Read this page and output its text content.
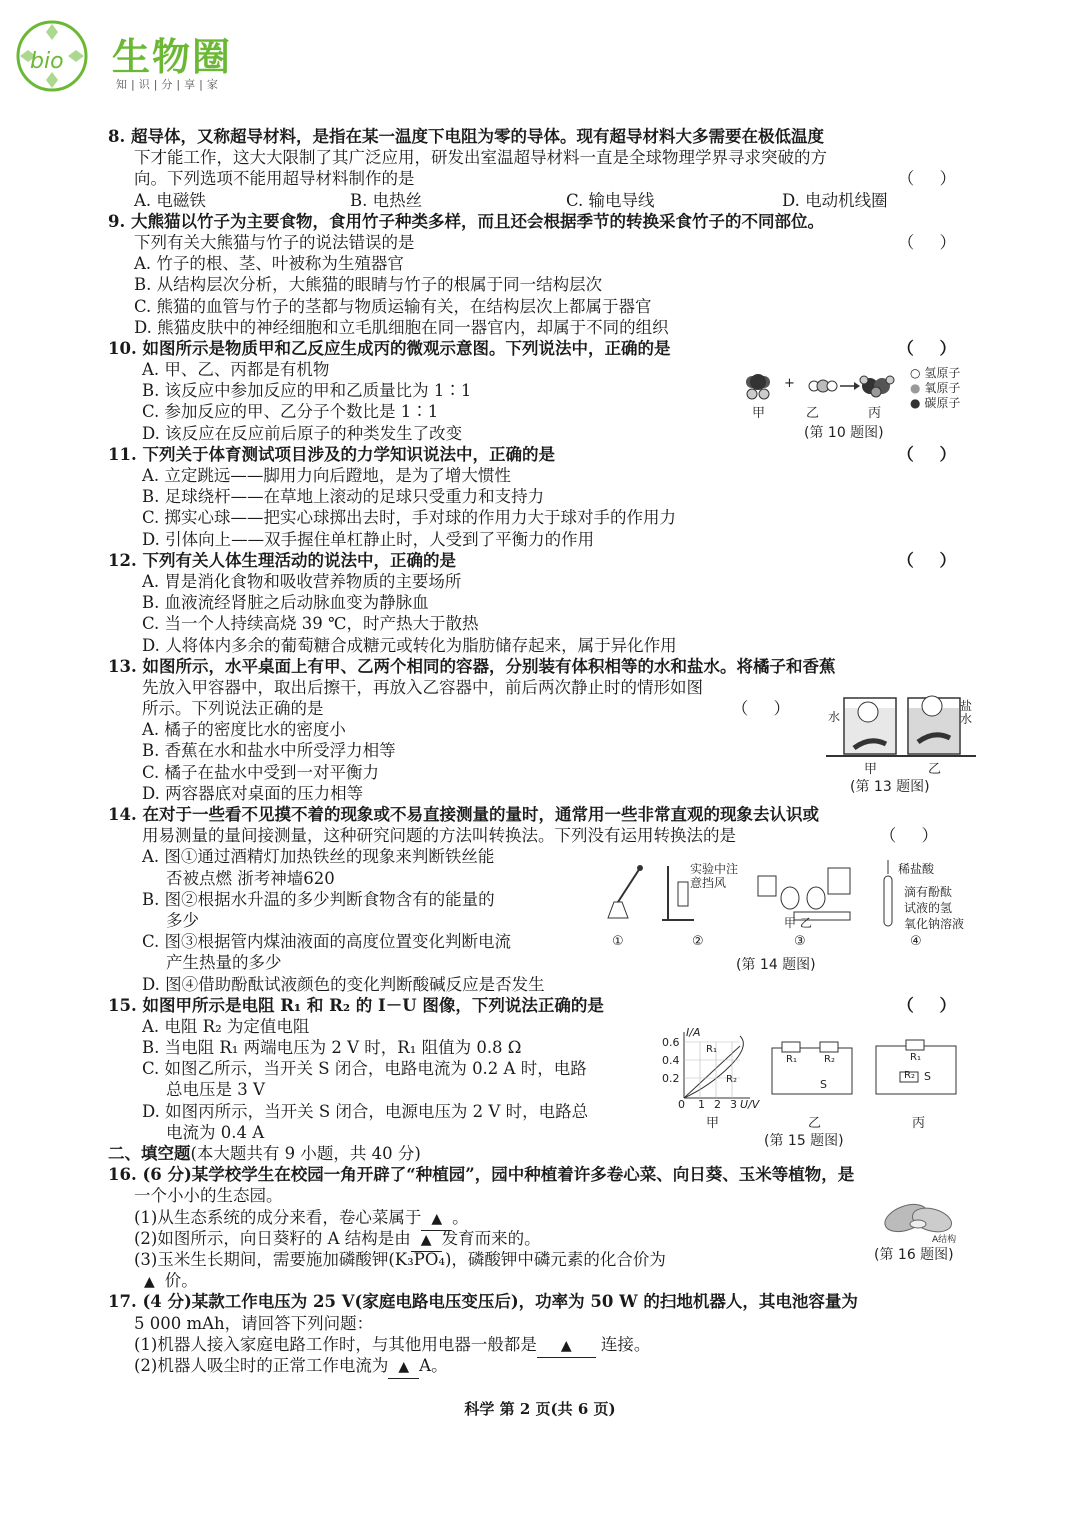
bio 生物圈
知|识|分|享|家
8. 超导体，又称超导材料，是指在某一温度下电阻为零的导体。现有超导材料大多需要在极低温度
下才能工作，这大大限制了其广泛应用，研发出室温超导材料一直是全球物理学界寻求突破的方
向。下列选项不能用超导材料制作的是	（ ）
A. 电磁铁	B. 电热丝	C. 输电导线	D. 电动机线圈
9. 大熊猫以竹子为主要食物，食用竹子种类多样，而且还会根据季节的转换采食竹子的不同部位。
下列有关大熊猫与竹子的说法错误的是	（ ）
A. 竹子的根、茎、叶被称为生殖器官
B. 从结构层次分析，大熊猫的眼睛与竹子的根属于同一结构层次
C. 熊猫的血管与竹子的茎都与物质运输有关，在结构层次上都属于器官
D. 熊猫皮肤中的神经细胞和立毛肌细胞在同一器官内，却属于不同的组织
10. 如图所示是物质甲和乙反应生成丙的微观示意图。下列说法中，正确的是	（ ）
A. 甲、乙、丙都是有机物
B. 该反应中参加反应的甲和乙质量比为 1∶1
C. 参加反应的甲、乙分子个数比是 1∶1
D. 该反应在反应前后原子的种类发生了改变
11. 下列关于体育测试项目涉及的力学知识说法中，正确的是	（ ）
A. 立定跳远——脚用力向后蹬地，是为了增大惯性
B. 足球绕杆——在草地上滚动的足球只受重力和支持力
C. 掷实心球——把实心球掷出去时，手对球的作用力大于球对手的作用力
D. 引体向上——双手握住单杠静止时，人受到了平衡力的作用
12. 下列有关人体生理活动的说法中，正确的是	（ ）
A. 胃是消化食物和吸收营养物质的主要场所
B. 血液流经肾脏之后动脉血变为静脉血
C. 当一个人持续高烧 39 ℃，时产热大于散热
D. 人将体内多余的葡萄糖合成糖元或转化为脂肪储存起来，属于异化作用
13. 如图所示，水平桌面上有甲、乙两个相同的容器，分别装有体积相等的水和盐水。将橘子和香蕉
先放入甲容器中，取出后擦干，再放入乙容器中，前后两次静止时的情形如图
所示。下列说法正确的是	（ ）
A. 橘子的密度比水的密度小
B. 香蕉在水和盐水中所受浮力相等
C. 橘子在盐水中受到一对平衡力
D. 两容器底对桌面的压力相等
14. 在对于一些看不见摸不着的现象或不易直接测量的量时，通常用一些非常直观的现象去认识或
用易测量的量间接测量，这种研究问题的方法叫转换法。下列没有运用转换法的是	（ ）
A. 图①通过酒精灯加热铁丝的现象来判断铁丝能
否被点燃 浙考神墙620
B. 图②根据水升温的多少判断食物含有的能量的
多少
C. 图③根据管内煤油液面的高度位置变化判断电流
产生热量的多少
D. 图④借助酚酞试液颜色的变化判断酸碱反应是否发生
15. 如图甲所示是电阻 R₁ 和 R₂ 的 I－U 图像，下列说法正确的是	（ ）
A. 电阻 R₂ 为定值电阻
B. 当电阻 R₁ 两端电压为 2 V 时，R₁ 阻值为 0.8 Ω
C. 如图乙所示，当开关 S 闭合，电路电流为 0.2 A 时，电路
总电压是 3 V
D. 如图丙所示，当开关 S 闭合，电源电压为 2 V 时，电路总
电流为 0.4 A
二、填空题(本大题共有 9 小题，共 40 分)
16. (6 分)某学校学生在校园一角开辟了“种植园”，园中种植着许多卷心菜、向日葵、玉米等植物，是
一个小小的生态园。
(1)从生态系统的成分来看，卷心菜属于 ▲ 。
(2)如图所示，向日葵籽的 A 结构是由 ▲ 发育而来的。
(3)玉米生长期间，需要施加磷酸钾(K₃PO₄)，磷酸钾中磷元素的化合价为
▲ 价。
17. (4 分)某款工作电压为 25 V(家庭电路电压变压后)，功率为 50 W 的扫地机器人，其电池容量为
5 000 mAh，请回答下列问题：
(1)机器人接入家庭电路工作时，与其他用电器一般都是 ▲ 连接。
(2)机器人吸尘时的正常工作电流为 ▲ A。
+
甲	乙	丙
○ 氢原子
● 氧原子
● 碳原子
(第 10 题图)
水
盐水
甲	乙
(第 13 题图)
实验中注
意挡风
稀盐酸
滴有酚酞
试液的氢
氧化钠溶液
甲 乙
①	②	③	④
(第 14 题图)
I/A
U/V
0.6
0.4
0.2
0 1 2 3
R₁
R₂
R₁	R₂
S
R₁
R₂ S
甲	乙	丙
(第 15 题图)
A结构
(第 16 题图)
科学 第 2 页(共 6 页)
